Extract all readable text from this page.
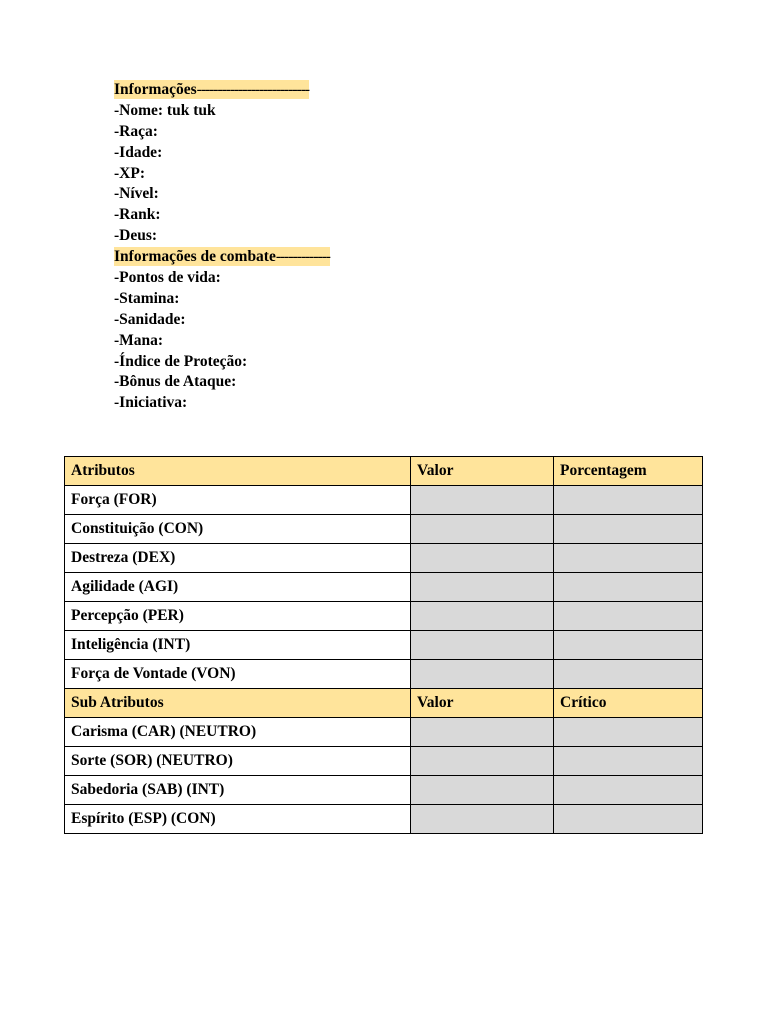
Informações---------------------------
-Nome: tuk tuk
-Raça:
-Idade:
-XP:
-Nível:
-Rank:
-Deus:
Informações de combate-------------
-Pontos de vida:
-Stamina:
-Sanidade:
-Mana:
-Índice de Proteção:
-Bônus de Ataque:
-Iniciativa:
Atributos	Valor	Porcentagem
Força (FOR)		
Constituição (CON)		
Destreza (DEX)		
Agilidade (AGI)		
Percepção (PER)		
Inteligência (INT)		
Força de Vontade (VON)		
Sub Atributos	Valor	Crítico
Carisma (CAR) (NEUTRO)		
Sorte (SOR) (NEUTRO)		
Sabedoria (SAB) (INT)		
Espírito (ESP) (CON)		
